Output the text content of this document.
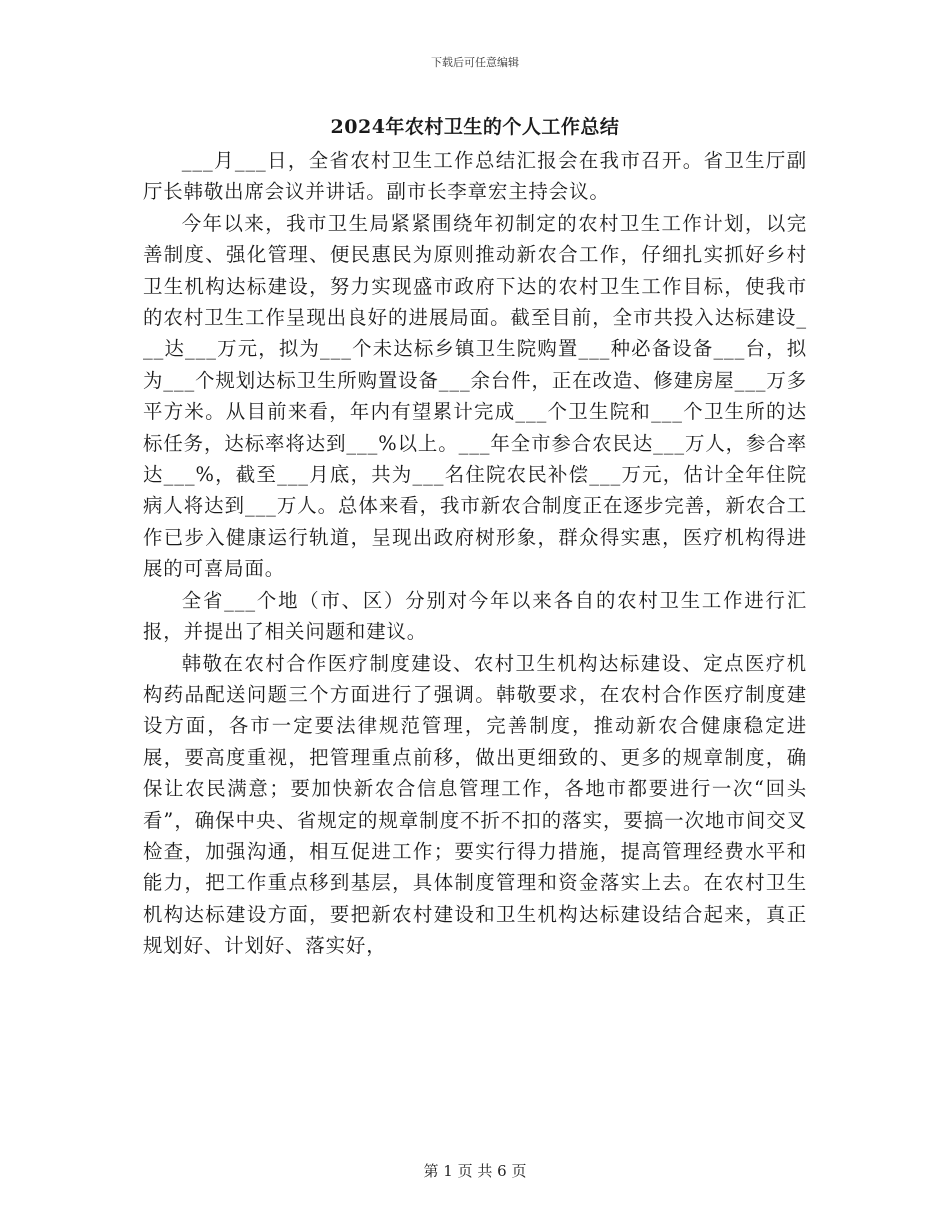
下载后可任意编辑
2024年农村卫生的个人工作总结

___月___日，全省农村卫生工作总结汇报会在我市召开。省卫生厅副厅长韩敬出席会议并讲话。副市长李章宏主持会议。

今年以来，我市卫生局紧紧围绕年初制定的农村卫生工作计划，以完善制度、强化管理、便民惠民为原则推动新农合工作，仔细扎实抓好乡村卫生机构达标建设，努力实现盛市政府下达的农村卫生工作目标，使我市的农村卫生工作呈现出良好的进展局面。截至目前，全市共投入达标建设___达___万元，拟为___个未达标乡镇卫生院购置___种必备设备___台，拟为___个规划达标卫生所购置设备___余台件，正在改造、修建房屋___万多平方米。从目前来看，年内有望累计完成___个卫生院和___个卫生所的达标任务，达标率将达到___%以上。___年全市参合农民达___万人，参合率达___%，截至___月底，共为___名住院农民补偿___万元，估计全年住院病人将达到___万人。总体来看，我市新农合制度正在逐步完善，新农合工作已步入健康运行轨道，呈现出政府树形象，群众得实惠，医疗机构得进展的可喜局面。

全省___个地（市、区）分别对今年以来各自的农村卫生工作进行汇报，并提出了相关问题和建议。

韩敬在农村合作医疗制度建设、农村卫生机构达标建设、定点医疗机构药品配送问题三个方面进行了强调。韩敬要求，在农村合作医疗制度建设方面，各市一定要法律规范管理，完善制度，推动新农合健康稳定进展，要高度重视，把管理重点前移，做出更细致的、更多的规章制度，确保让农民满意；要加快新农合信息管理工作，各地市都要进行一次“回头看”，确保中央、省规定的规章制度不折不扣的落实，要搞一次地市间交叉检查，加强沟通，相互促进工作；要实行得力措施，提高管理经费水平和能力，把工作重点移到基层，具体制度管理和资金落实上去。在农村卫生机构达标建设方面，要把新农村建设和卫生机构达标建设结合起来，真正规划好、计划好、落实好，

第 1 页 共 6 页
